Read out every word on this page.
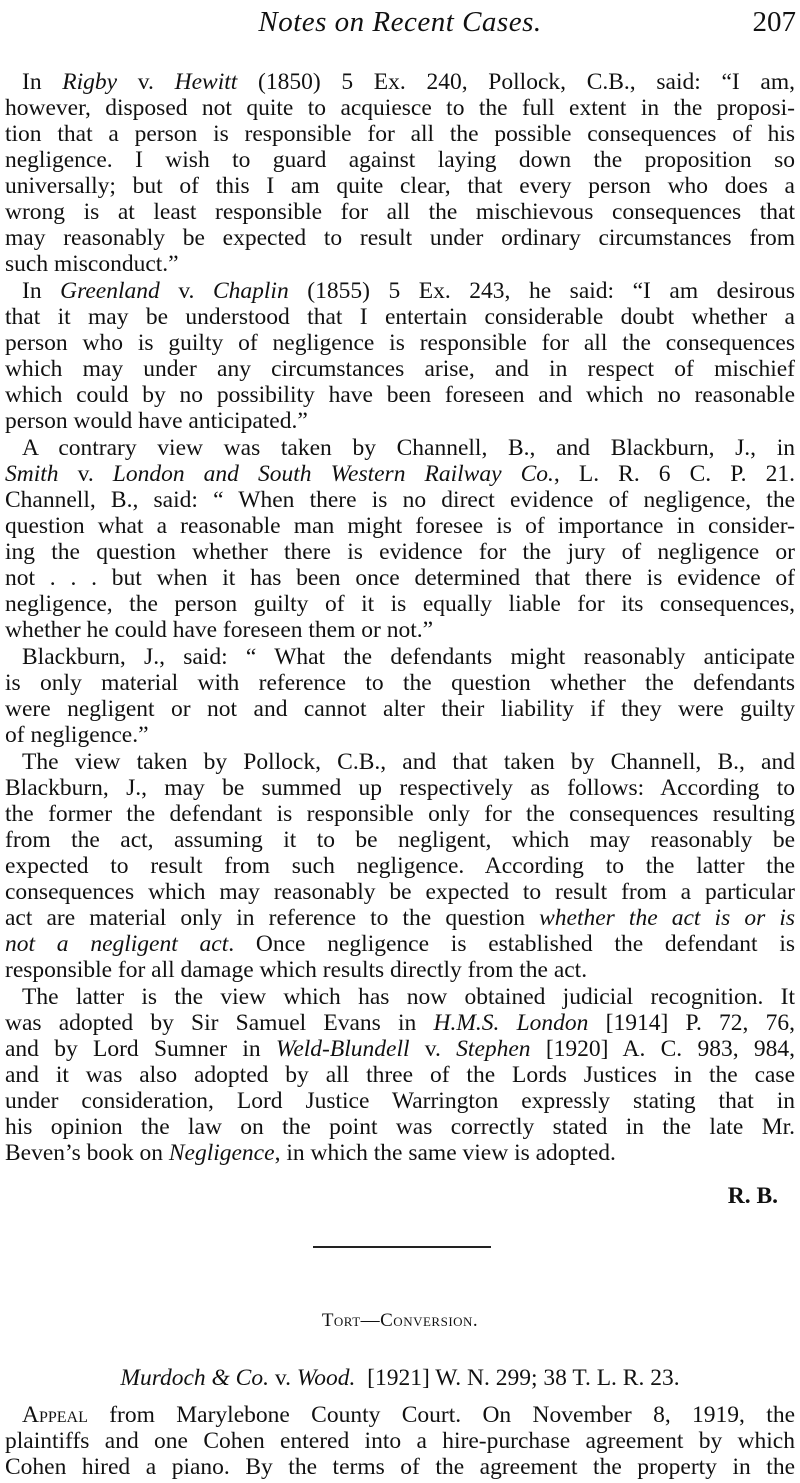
Notes on Recent Cases.	207
In Rigby v. Hewitt (1850) 5 Ex. 240, Pollock, C.B., said: “I am,
however, disposed not quite to acquiesce to the full extent in the proposi-
tion that a person is responsible for all the possible consequences of his
negligence. I wish to guard against laying down the proposition so
universally; but of this I am quite clear, that every person who does a
wrong is at least responsible for all the mischievous consequences that
may reasonably be expected to result under ordinary circumstances from
such misconduct.”
In Greenland v. Chaplin (1855) 5 Ex. 243, he said: “I am desirous
that it may be understood that I entertain considerable doubt whether a
person who is guilty of negligence is responsible for all the consequences
which may under any circumstances arise, and in respect of mischief
which could by no possibility have been foreseen and which no reasonable
person would have anticipated.”
A contrary view was taken by Channell, B., and Blackburn, J., in
Smith v. London and South Western Railway Co., L. R. 6 C. P. 21.
Channell, B., said: “ When there is no direct evidence of negligence, the
question what a reasonable man might foresee is of importance in consider-
ing the question whether there is evidence for the jury of negligence or
not . . . but when it has been once determined that there is evidence of
negligence, the person guilty of it is equally liable for its consequences,
whether he could have foreseen them or not.”
Blackburn, J., said: “ What the defendants might reasonably anticipate
is only material with reference to the question whether the defendants
were negligent or not and cannot alter their liability if they were guilty
of negligence.”
The view taken by Pollock, C.B., and that taken by Channell, B., and
Blackburn, J., may be summed up respectively as follows: According to
the former the defendant is responsible only for the consequences resulting
from the act, assuming it to be negligent, which may reasonably be
expected to result from such negligence. According to the latter the
consequences which may reasonably be expected to result from a particular
act are material only in reference to the question whether the act is or is
not a negligent act. Once negligence is established the defendant is
responsible for all damage which results directly from the act.
The latter is the view which has now obtained judicial recognition. It
was adopted by Sir Samuel Evans in H.M.S. London [1914] P. 72, 76,
and by Lord Sumner in Weld-Blundell v. Stephen [1920] A. C. 983, 984,
and it was also adopted by all three of the Lords Justices in the case
under consideration, Lord Justice Warrington expressly stating that in
his opinion the law on the point was correctly stated in the late Mr.
Beven’s book on Negligence, in which the same view is adopted.
R. B.
Tort—Conversion.
Murdoch & Co. v. Wood.  [1921] W. N. 299; 38 T. L. R. 23.
Appeal from Marylebone County Court. On November 8, 1919, the
plaintiffs and one Cohen entered into a hire-purchase agreement by which
Cohen hired a piano. By the terms of the agreement the property in the
